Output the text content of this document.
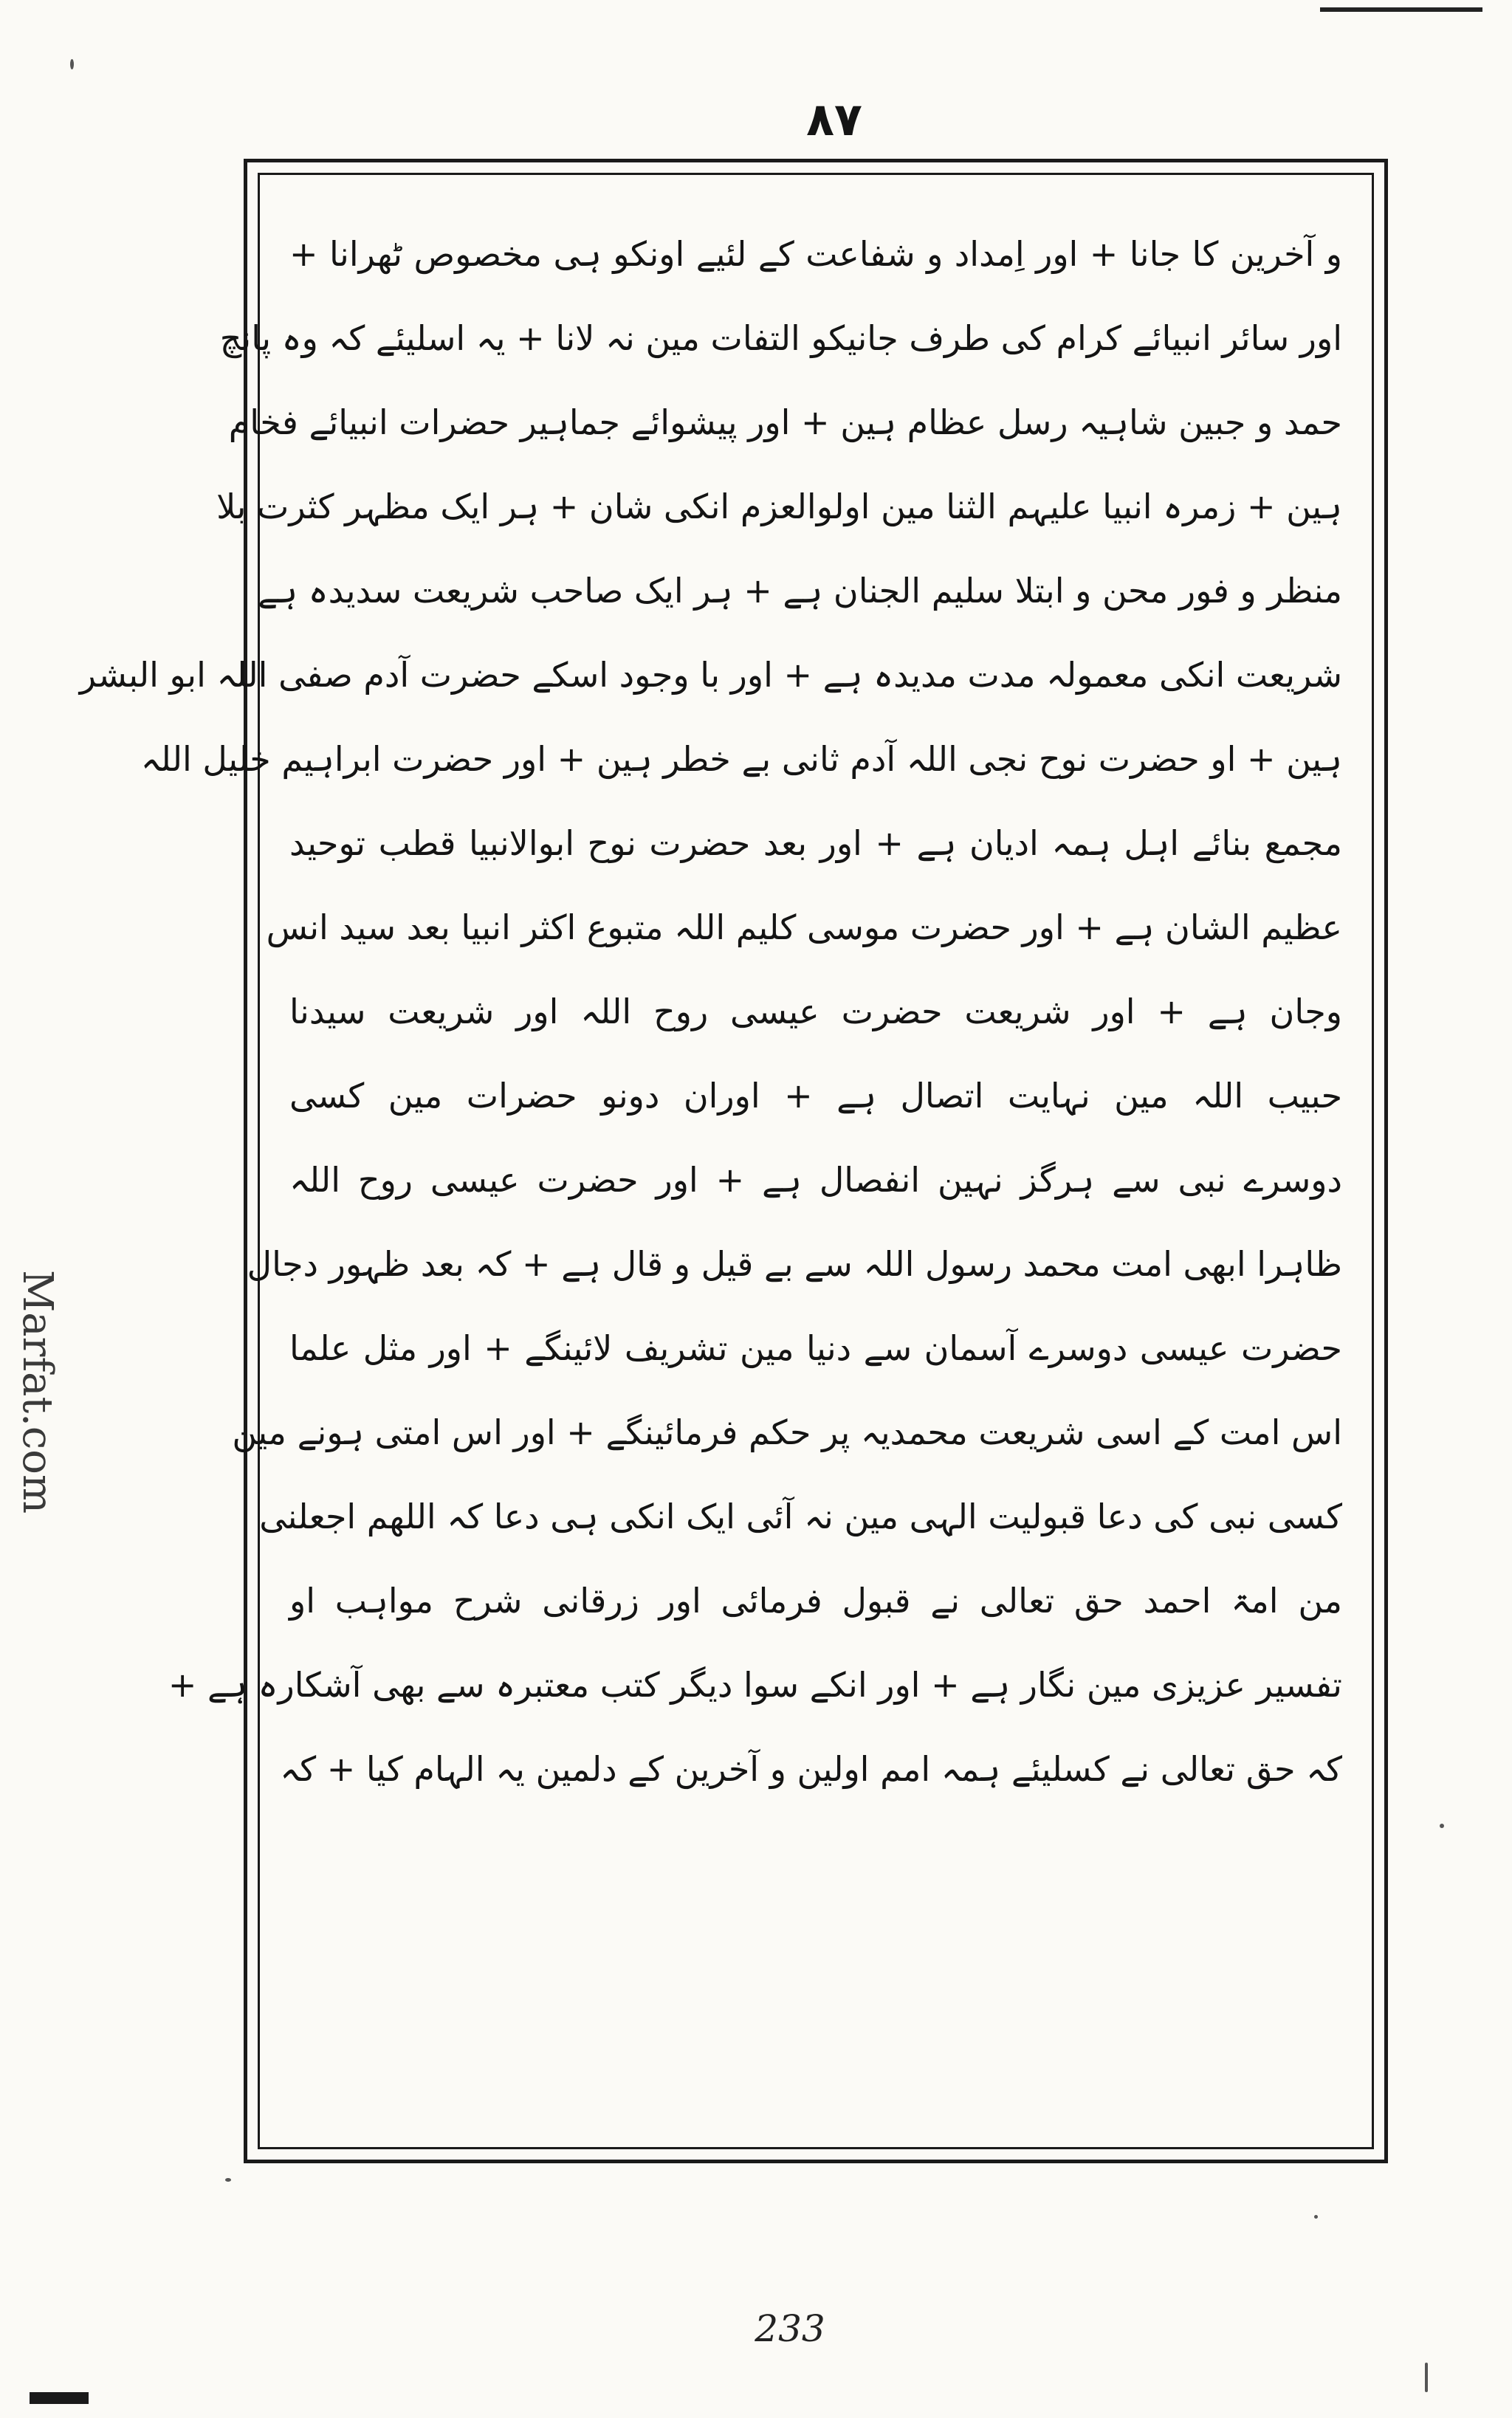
۸۷
و آخرین کا جانا + اور اِمداد و شفاعت کے لئیے اونکو ہی مخصوص ٹھرانا +
اور سائر انبیائے کرام کی طرف جانیکو التفات مین نہ لانا + یہ اسلیئے کہ وہ پانچ
حمد و جبین شاہیہ رسل عظام ہین + اور پیشوائے جماہیر حضرات انبیائے فخام
ہین + زمرہ انبیا علیہم الثنا مین اولوالعزم انکی شان + ہر ایک مظہر کثرت بلا
منظر و فور محن و ابتلا سلیم الجنان ہے + ہر ایک صاحب شریعت سدیدہ ہے
شریعت انکی معمولہ مدت مدیدہ ہے + اور با وجود اسکے حضرت آدم صفی اللہ ابو البشر
ہین + او حضرت نوح نجی اللہ آدم ثانی بے خطر ہین + اور حضرت ابراہیم خلیل اللہ
مجمع بنائے اہل ہمہ ادیان ہے + اور بعد حضرت نوح ابوالانبیا قطب توحید
عظیم الشان ہے + اور حضرت موسی کلیم اللہ متبوع اکثر انبیا بعد سید انس
وجان ہے + اور شریعت حضرت عیسی روح اللہ اور شریعت سیدنا
حبیب اللہ مین نہایت اتصال ہے + اوران دونو حضرات مین کسی
دوسرے نبی سے ہرگز نہین انفصال ہے + اور حضرت عیسی روح اللہ
ظاہرا ابھی امت محمد رسول اللہ سے بے قیل و قال ہے + کہ بعد ظہور دجال
حضرت عیسی دوسرے آسمان سے دنیا مین تشریف لائینگے + اور مثل علما
اس امت کے اسی شریعت محمدیہ پر حکم فرمائینگے + اور اس امتی ہونے مین
کسی نبی کی دعا قبولیت الہی مین نہ آئی ایک انکی ہی دعا کہ اللھم اجعلنی
من امۃ احمد حق تعالی نے قبول فرمائی اور زرقانی شرح مواہب او
تفسیر عزیزی مین نگار ہے + اور انکے سوا دیگر کتب معتبرہ سے بھی آشکارہ ہے +
کہ حق تعالی نے کسلیئے ہمہ امم اولین و آخرین کے دلمین یہ الہام کیا + کہ
Marfat.com
233
